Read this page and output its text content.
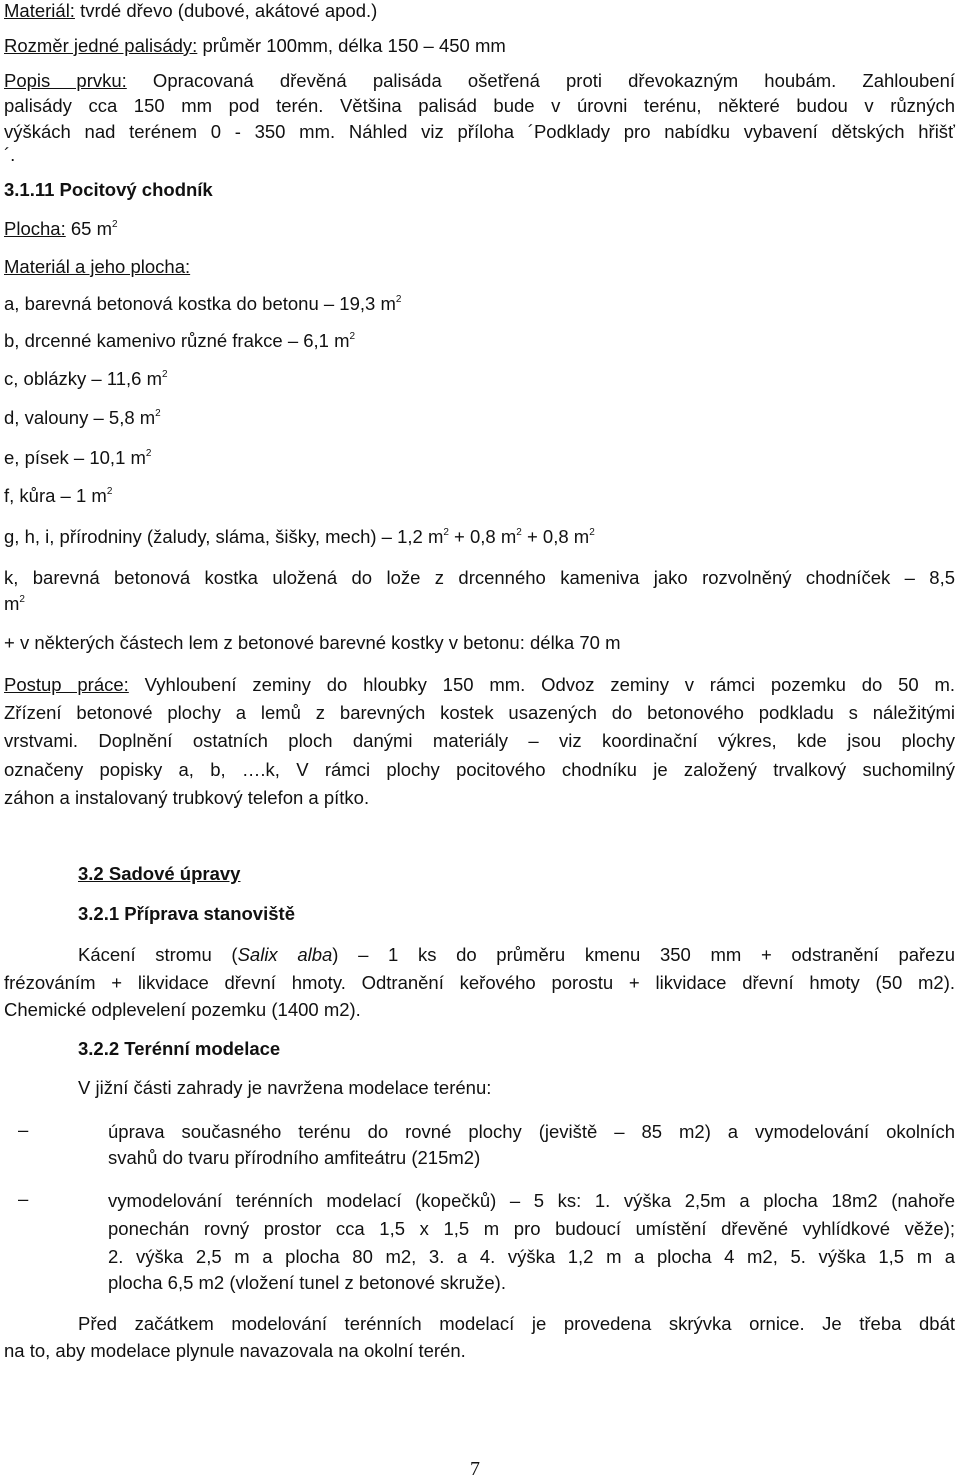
Materiál: tvrdé dřevo (dubové, akátové apod.)
Rozměr jedné palisády: průměr 100mm, délka 150 – 450 mm
Popis prvku: Opracovaná dřevěná palisáda ošetřená proti dřevokazným houbám. Zahloubení
palisády cca 150 mm pod terén. Většina palisád bude v úrovni terénu, některé budou v různých
výškách nad terénem 0 - 350 mm. Náhled viz příloha ´Podklady pro nabídku vybavení dětských hřišť
´.
3.1.11 Pocitový chodník
Plocha: 65 $m^2$
Materiál a jeho plocha:
a, barevná betonová kostka do betonu – 19,3 $m^2$
b, drcenné kamenivo různé frakce – 6,1 $m^2$
c, oblázky – 11,6 $m^2$
d, valouny – 5,8 $m^2$
e, písek – 10,1 $m^2$
f, kůra – 1 $m^2$
g, h, i, přírodniny (žaludy, sláma, šišky, mech) – 1,2 $m^2 + 0,8$ $m^2 + 0,8$ $m^2$
k, barevná betonová kostka uložená do lože z drcenného kameniva jako rozvolněný chodníček – 8,5
$m^2$
+ v některých částech lem z betonové barevné kostky v betonu: délka 70 m
Postup práce: Vyhloubení zeminy do hloubky 150 mm. Odvoz zeminy v rámci pozemku do 50 m.
Zřízení betonové plochy a lemů z barevných kostek usazených do betonového podkladu s náležitými
vrstvami. Doplnění ostatních ploch danými materiály – viz koordinační výkres, kde jsou plochy
označeny popisky a, b, ….k, V rámci plochy pocitového chodníku je založený trvalkový suchomilný
záhon a instalovaný trubkový telefon a pítko.
3.2 Sadové úpravy
3.2.1 Příprava stanoviště
Kácení stromu (Salix alba) – 1 ks do průměru kmenu 350 mm + odstranění pařezu
frézováním + likvidace dřevní hmoty. Odtranění keřového porostu + likvidace dřevní hmoty (50 m2).
Chemické odplevelení pozemku (1400 m2).
3.2.2 Terénní modelace
V jižní části zahrady je navržena modelace terénu:
–	úprava současného terénu do rovné plochy (jeviště – 85 m2) a vymodelování okolních
svahů do tvaru přírodního amfiteátru (215m2)
–	vymodelování terénních modelací (kopečků) – 5 ks: 1. výška 2,5m a plocha 18m2 (nahoře
ponechán rovný prostor cca 1,5 x 1,5 m pro budoucí umístění dřevěné vyhlídkové věže);
2. výška 2,5 m a plocha 80 m2, 3. a 4. výška 1,2 m a plocha 4 m2, 5. výška 1,5 m a
plocha 6,5 m2 (vložení tunel z betonové skruže).
Před začátkem modelování terénních modelací je provedena skrývka ornice. Je třeba dbát
na to, aby modelace plynule navazovala na okolní terén.
7
